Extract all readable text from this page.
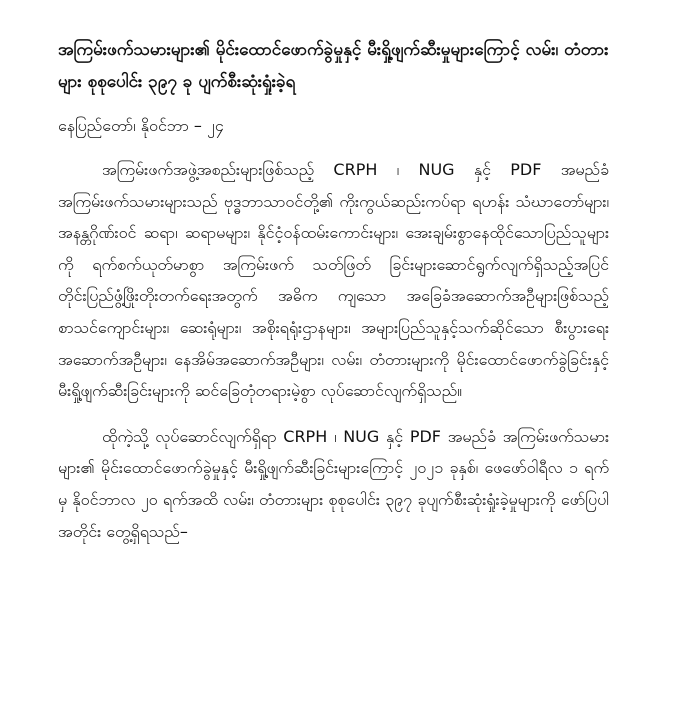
အကြမ်းဖက်သမားများ၏ မိုင်းထောင်ဖောက်ခွဲမှုနှင့် မီးရှို့ဖျက်ဆီးမှုများကြောင့် လမ်း၊ တံတားများ စုစုပေါင်း ၃၉၇ ခု ပျက်စီးဆုံးရှုံးခဲ့ရ
နေပြည်တော်၊ နိုဝင်ဘာ – ၂၄
အကြမ်းဖက်အဖွဲ့အစည်းများဖြစ်သည့် CRPH ၊ NUG နှင့် PDF အမည်ခံ အကြမ်းဖက်သမားများသည် ဗုဒ္ဓဘာသာဝင်တို့၏ ကိုးကွယ်ဆည်းကပ်ရာ ရဟန်း သံဃာတော်များ၊ အနန္တဂိုဏ်းဝင် ဆရာ၊ ဆရာမများ၊ နိုင်ငံ့ဝန်ထမ်းကောင်းများ၊ အေးချမ်းစွာနေထိုင်သောပြည်သူများကို ရက်စက်ယုတ်မာစွာ အကြမ်းဖက် သတ်ဖြတ် ခြင်းများဆောင်ရွက်လျက်ရှိသည့်အပြင် တိုင်းပြည်ဖွံ့ဖြိုးတိုးတက်ရေးအတွက် အဓိက ကျသော အခြေခံအဆောက်အဦများဖြစ်သည့် စာသင်ကျောင်းများ၊ ဆေးရုံများ၊ အစိုးရရုံးဌာနများ၊ အများပြည်သူနှင့်သက်ဆိုင်သော စီးပွားရေးအဆောက်အဦများ၊ နေအိမ်အဆောက်အဦများ၊ လမ်း၊ တံတားများကို မိုင်းထောင်ဖောက်ခွဲခြင်းနှင့် မီးရှို့ဖျက်ဆီးခြင်းများကို ဆင်ခြေတုံတရားမဲ့စွာ လုပ်ဆောင်လျက်ရှိသည်။
ထိုကဲ့သို့ လုပ်ဆောင်လျက်ရှိရာ CRPH ၊ NUG နှင့် PDF အမည်ခံ အကြမ်းဖက်သမားများ၏ မိုင်းထောင်ဖောက်ခွဲမှုနှင့် မီးရှို့ဖျက်ဆီးခြင်းများကြောင့် ၂၀၂၁ ခုနှစ်၊ ဖေဖော်ဝါရီလ ၁ ရက်မှ နိုဝင်ဘာလ ၂၀ ရက်အထိ လမ်း၊ တံတားများ စုစုပေါင်း ၃၉၇ ခုပျက်စီးဆုံးရှုံးခဲ့မှုများကို ဖော်ပြပါအတိုင်း တွေ့ရှိရသည်–
